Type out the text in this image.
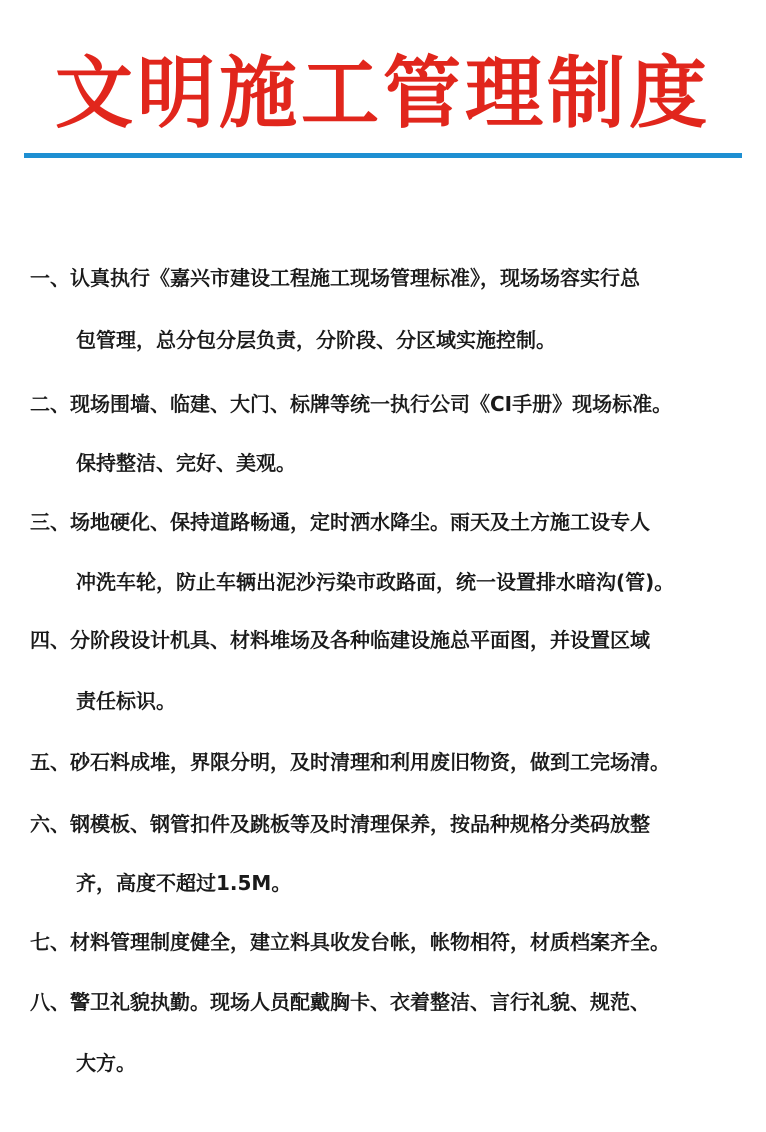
文明施工管理制度
一、认真执行《嘉兴市建设工程施工现场管理标准》，现场场容实行总
包管理，总分包分层负责，分阶段、分区域实施控制。
二、现场围墙、临建、大门、标牌等统一执行公司《CI手册》现场标准。
保持整洁、完好、美观。
三、场地硬化、保持道路畅通，定时洒水降尘。雨天及土方施工设专人
冲洗车轮，防止车辆出泥沙污染市政路面，统一设置排水暗沟(管)。
四、分阶段设计机具、材料堆场及各种临建设施总平面图，并设置区域
责任标识。
五、砂石料成堆，界限分明，及时清理和利用废旧物资，做到工完场清。
六、钢模板、钢管扣件及跳板等及时清理保养，按品种规格分类码放整
齐，高度不超过1.5M。
七、材料管理制度健全，建立料具收发台帐，帐物相符，材质档案齐全。
八、警卫礼貌执勤。现场人员配戴胸卡、衣着整洁、言行礼貌、规范、
大方。
